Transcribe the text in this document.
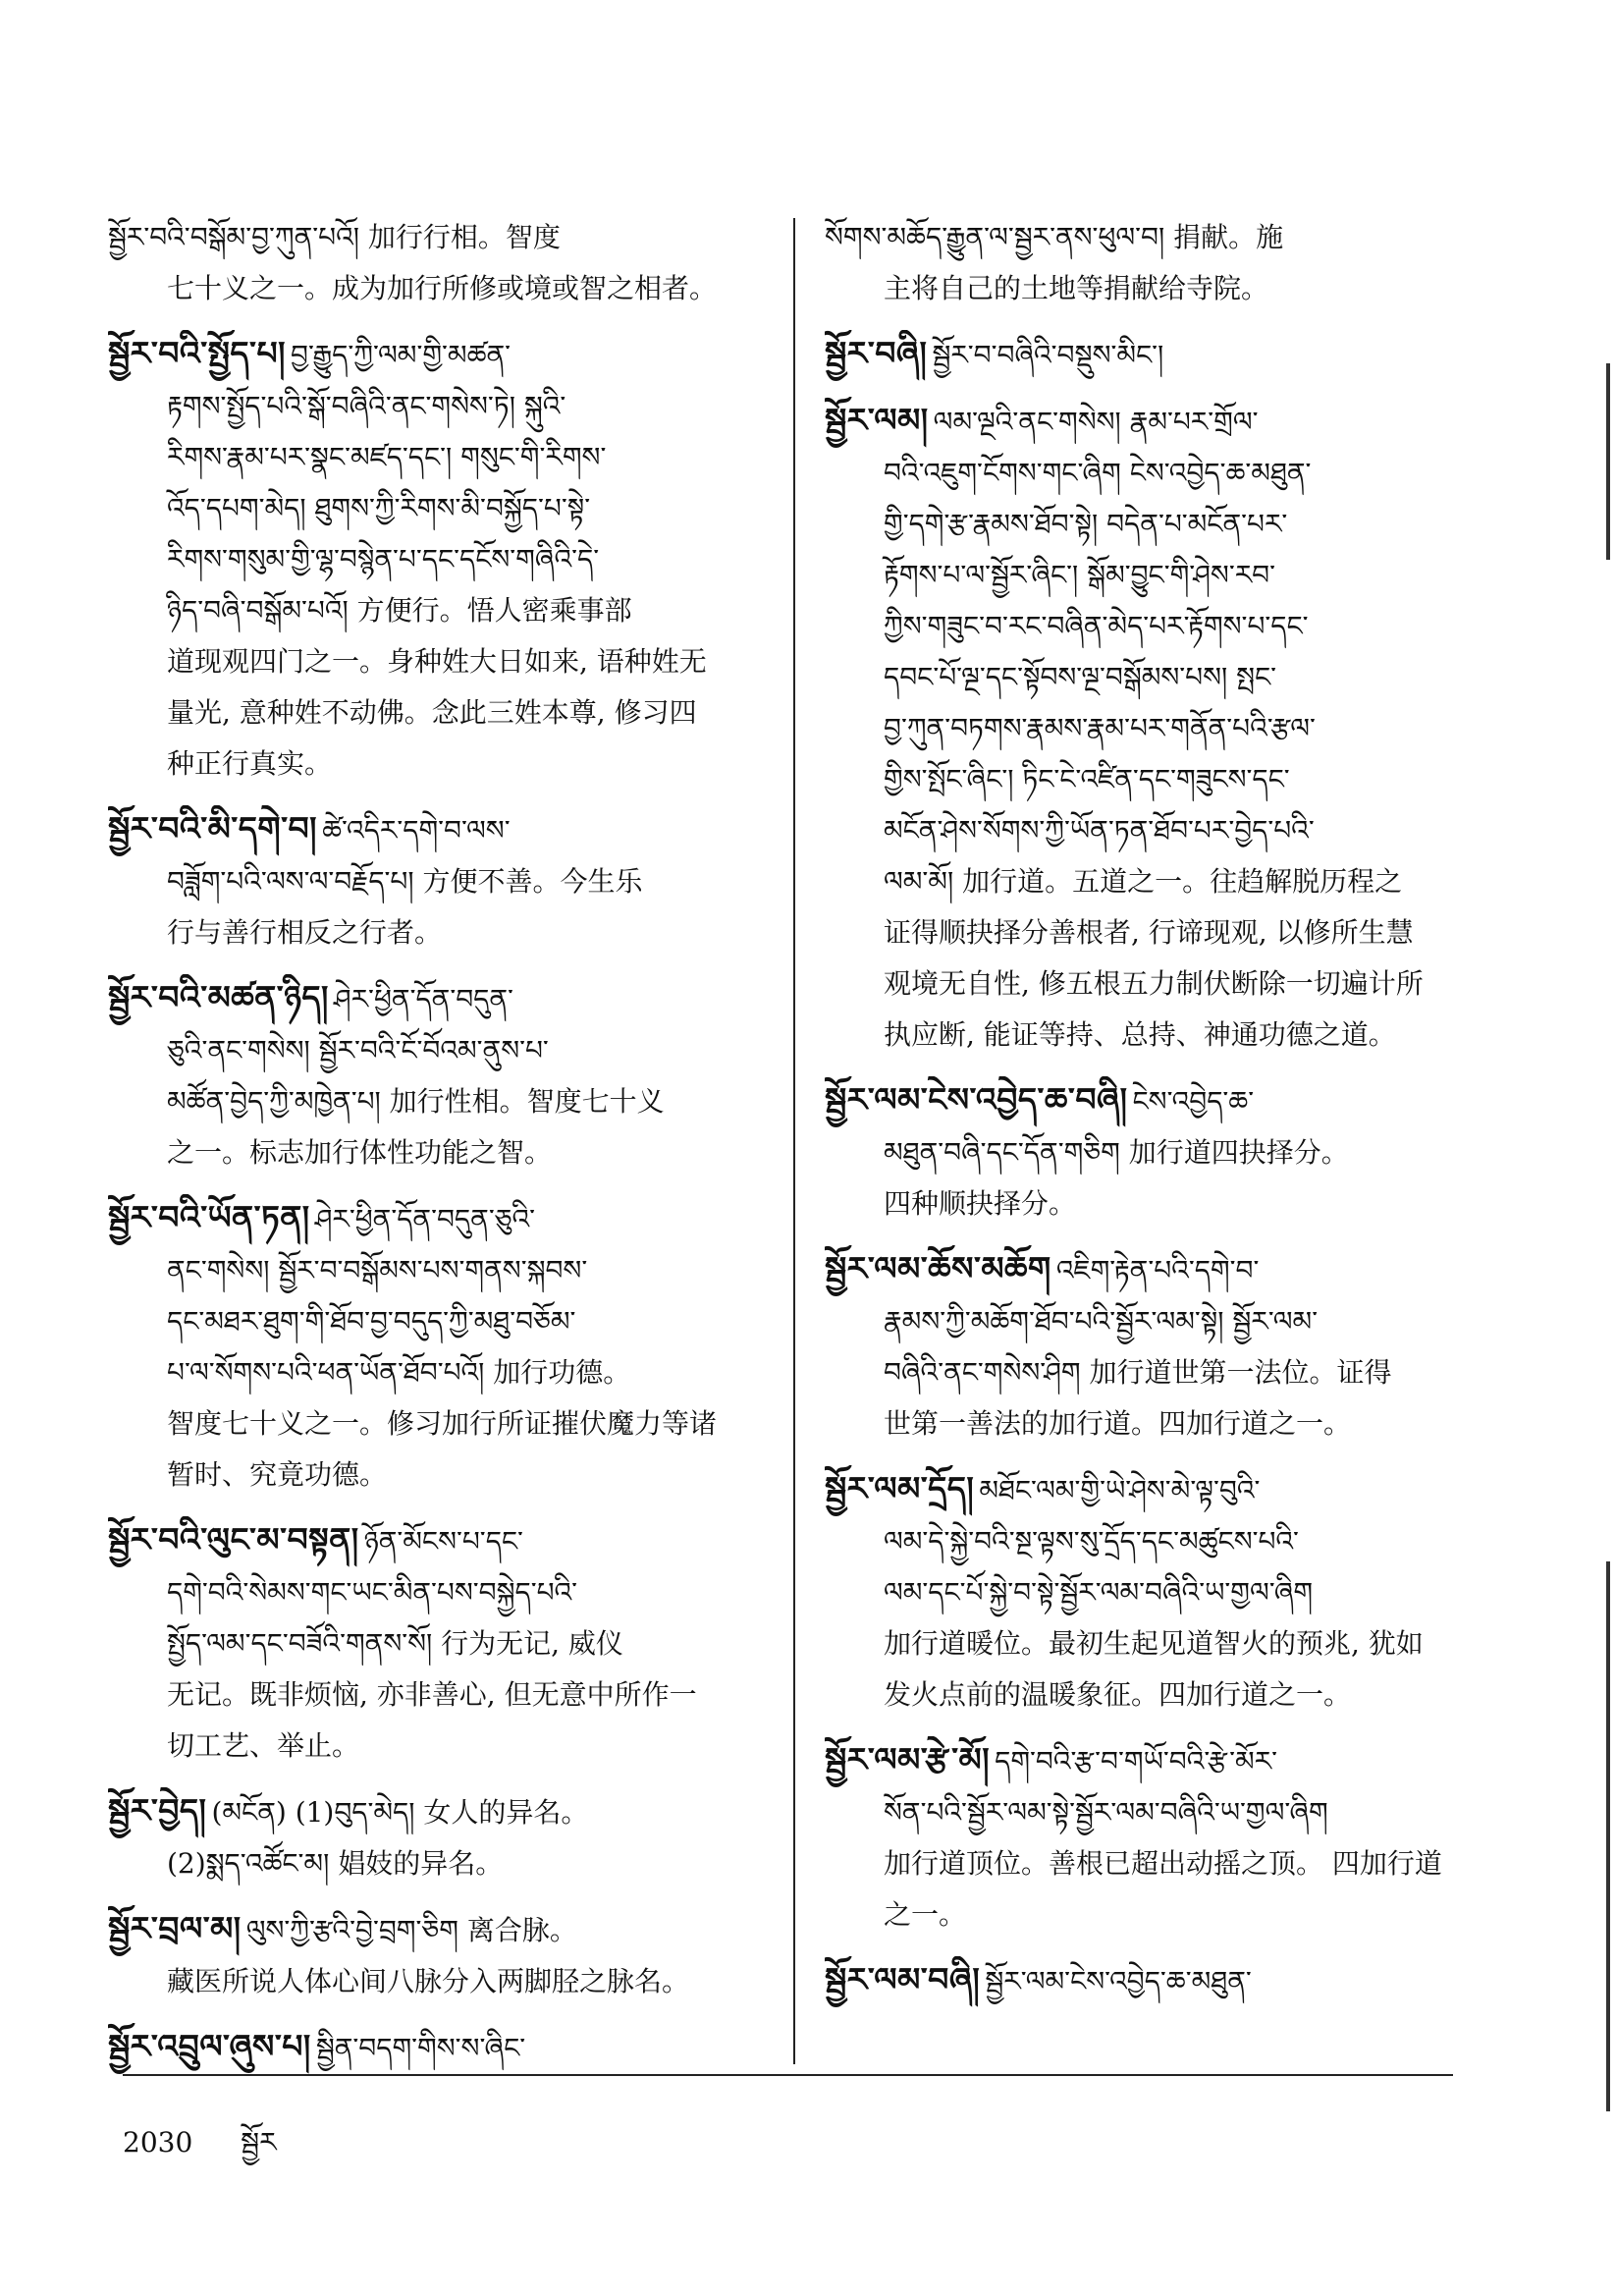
སྦྱོར་བའི་བསྒོམ་བྱ་ཀུན་པའོ། 加行行相。智度
七十义之一。成为加行所修或境或智之相者。
སྦྱོར་བའི་སྤྱོད་པ། བྱ་རྒྱུད་ཀྱི་ལམ་གྱི་མཚན་
རྟགས་སྤྱོད་པའི་སྒོ་བཞིའི་ནང་གསེས་ཏེ། སྐུའི་
རིགས་རྣམ་པར་སྣང་མཛད་དང་། གསུང་གི་རིགས་
འོད་དཔག་མེད། ཐུགས་ཀྱི་རིགས་མི་བསྐྱོད་པ་སྟེ་
རིགས་གསུམ་གྱི་ལྷ་བསྙེན་པ་དང་དངོས་གཞིའི་དེ་
ཉིད་བཞི་བསྒོམ་པའོ། 方便行。悟人密乘事部
道现观四门之一。身种姓大日如来, 语种姓无
量光, 意种姓不动佛。念此三姓本尊, 修习四
种正行真实。
སྦྱོར་བའི་མི་དགེ་བ། ཚེ་འདིར་དགེ་བ་ལས་
བཟློག་པའི་ལས་ལ་བརྗོད་པ། 方便不善。今生乐
行与善行相反之行者。
སྦྱོར་བའི་མཚན་ཉིད། ཤེར་ཕྱིན་དོན་བདུན་
ཅུའི་ནང་གསེས། སྦྱོར་བའི་ངོ་བོའམ་ནུས་པ་
མཚོན་བྱེད་ཀྱི་མཁྱེན་པ། 加行性相。智度七十义
之一。标志加行体性功能之智。
སྦྱོར་བའི་ཡོན་ཏན། ཤེར་ཕྱིན་དོན་བདུན་ཅུའི་
ནང་གསེས། སྦྱོར་བ་བསྒོམས་པས་གནས་སྐབས་
དང་མཐར་ཐུག་གི་ཐོབ་བྱ་བདུད་ཀྱི་མཐུ་བཅོམ་
པ་ལ་སོགས་པའི་ཕན་ཡོན་ཐོབ་པའོ། 加行功德。
智度七十义之一。修习加行所证摧伏魔力等诸
暂时、究竟功德。
སྦྱོར་བའི་ལུང་མ་བསྟན། ཉོན་མོངས་པ་དང་
དགེ་བའི་སེམས་གང་ཡང་མིན་པས་བསྐྱེད་པའི་
སྤྱོད་ལམ་དང་བཟོའི་གནས་སོ། 行为无记, 威仪
无记。既非烦恼, 亦非善心, 但无意中所作一
切工艺、举止。
སྦྱོར་བྱེད། (མངོན) (1)བུད་མེད། 女人的异名。
(2)སྨད་འཚོང་མ། 娼妓的异名。
སྦྱོར་བྲལ་མ། ལུས་ཀྱི་རྩའི་བྱེ་བྲག་ཅིག 离合脉。
藏医所说人体心间八脉分入两脚胫之脉名。
སྦྱོར་འབྲུལ་ཞུས་པ། སྦྱིན་བདག་གིས་ས་ཞིང་
སོགས་མཆོད་རྒྱུན་ལ་སྦྱར་ནས་ཕུལ་བ། 捐献。施
主将自己的土地等捐献给寺院。
སྦྱོར་བཞི། སྦྱོར་བ་བཞིའི་བསྡུས་མིང་།
སྦྱོར་ལམ། ལམ་ལྔའི་ནང་གསེས། རྣམ་པར་གྲོལ་
བའི་འཇུག་ངོགས་གང་ཞིག ངེས་འབྱེད་ཆ་མཐུན་
གྱི་དགེ་རྩ་རྣམས་ཐོབ་སྟེ། བདེན་པ་མངོན་པར་
རྟོགས་པ་ལ་སྦྱོར་ཞིང་། སྒོམ་བྱུང་གི་ཤེས་རབ་
ཀྱིས་གཟུང་བ་རང་བཞིན་མེད་པར་རྟོགས་པ་དང་
དབང་པོ་ལྔ་དང་སྟོབས་ལྔ་བསྒོམས་པས། སྤང་
བྱ་ཀུན་བཏགས་རྣམས་རྣམ་པར་གནོན་པའི་རྩལ་
གྱིས་སྤོང་ཞིང་། ཏིང་ངེ་འཛིན་དང་གཟུངས་དང་
མངོན་ཤེས་སོགས་ཀྱི་ཡོན་ཏན་ཐོབ་པར་བྱེད་པའི་
ལམ་མོ། 加行道。五道之一。往趋解脱历程之
证得顺抉择分善根者, 行谛现观, 以修所生慧
观境无自性, 修五根五力制伏断除一切遍计所
执应断, 能证等持、总持、神通功德之道。
སྦྱོར་ལམ་ངེས་འབྱེད་ཆ་བཞི། ངེས་འབྱེད་ཆ་
མཐུན་བཞི་དང་དོན་གཅིག 加行道四抉择分。
四种顺抉择分。
སྦྱོར་ལམ་ཆོས་མཆོག འཇིག་རྟེན་པའི་དགེ་བ་
རྣམས་ཀྱི་མཆོག་ཐོབ་པའི་སྦྱོར་ལམ་སྟེ། སྦྱོར་ལམ་
བཞིའི་ནང་གསེས་ཤིག 加行道世第一法位。证得
世第一善法的加行道。四加行道之一。
སྦྱོར་ལམ་དྲོད། མཐོང་ལམ་གྱི་ཡེ་ཤེས་མེ་ལྟ་བུའི་
ལམ་དེ་སྐྱེ་བའི་སྔ་ལྟས་སུ་དྲོད་དང་མཚུངས་པའི་
ལམ་དང་པོ་སྐྱེ་བ་སྟེ་སྦྱོར་ལམ་བཞིའི་ཡ་གྱལ་ཞིག
加行道暖位。最初生起见道智火的预兆, 犹如
发火点前的温暖象征。四加行道之一。
སྦྱོར་ལམ་རྩེ་མོ། དགེ་བའི་རྩ་བ་གཡོ་བའི་རྩེ་མོར་
སོན་པའི་སྦྱོར་ལམ་སྟེ་སྦྱོར་ལམ་བཞིའི་ཡ་གྱལ་ཞིག
加行道顶位。善根已超出动摇之顶。 四加行道
之一。
སྦྱོར་ལམ་བཞི། སྦྱོར་ལམ་ངེས་འབྱེད་ཆ་མཐུན་
2030 སྦྱོར
